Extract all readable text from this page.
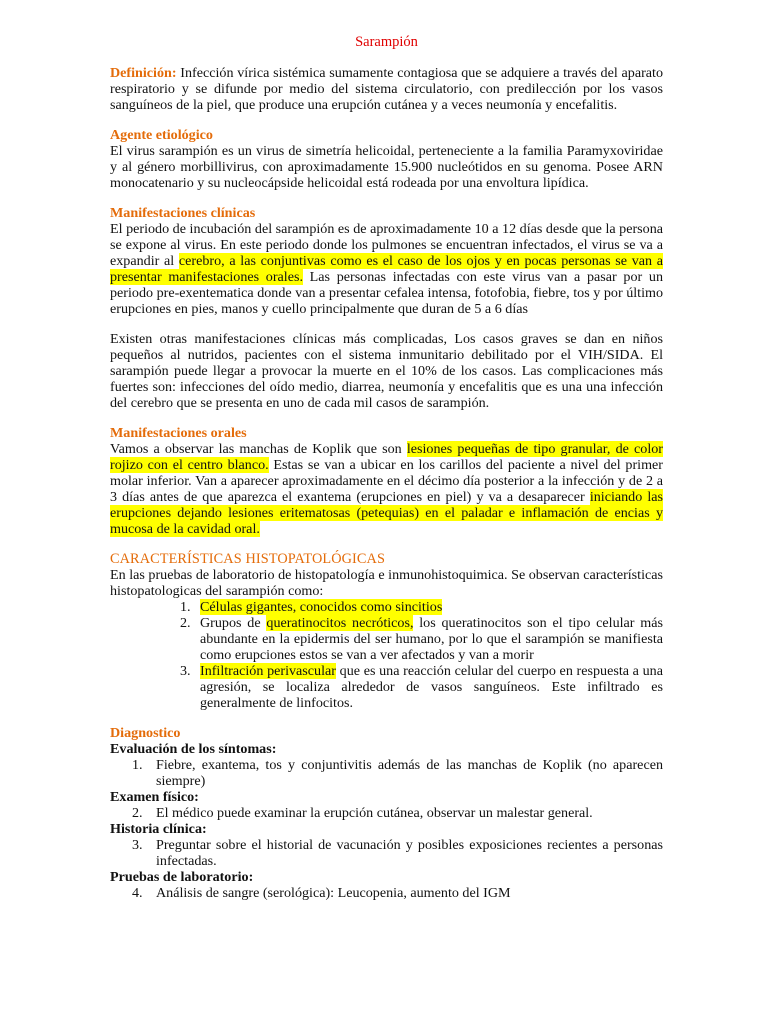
Sarampión

Definición: Infección vírica sistémica sumamente contagiosa que se adquiere a través del aparato respiratorio y se difunde por medio del sistema circulatorio, con predilección por los vasos sanguíneos de la piel, que produce una erupción cutánea y a veces neumonía y encefalitis.

Agente etiológico

El virus sarampión es un virus de simetría helicoidal, perteneciente a la familia Paramyxoviridae y al género morbillivirus, con aproximadamente 15.900 nucleótidos en su genoma. Posee ARN monocatenario y su nucleocápside helicoidal está rodeada por una envoltura lipídica.

Manifestaciones clínicas

El periodo de incubación del sarampión es de aproximadamente 10 a 12 días desde que la persona se expone al virus. En este periodo donde los pulmones se encuentran infectados, el virus se va a expandir al cerebro, a las conjuntivas como es el caso de los ojos y en pocas personas se van a presentar manifestaciones orales. Las personas infectadas con este virus van a pasar por un periodo pre-exentematica donde van a presentar cefalea intensa, fotofobia, fiebre, tos y por último erupciones en pies, manos y cuello principalmente que duran de 5 a 6 días

Existen otras manifestaciones clínicas más complicadas, Los casos graves se dan en niños pequeños al nutridos, pacientes con el sistema inmunitario debilitado por el VIH/SIDA. El sarampión puede llegar a provocar la muerte en el 10% de los casos. Las complicaciones más fuertes son: infecciones del oído medio, diarrea, neumonía y encefalitis que es una una infección del cerebro que se presenta en uno de cada mil casos de sarampión.

Manifestaciones orales

Vamos a observar las manchas de Koplik que son lesiones pequeñas de tipo granular, de color rojizo con el centro blanco. Estas se van a ubicar en los carillos del paciente a nivel del primer molar inferior. Van a aparecer aproximadamente en el décimo día posterior a la infección y de 2 a 3 días antes de que aparezca el exantema (erupciones en piel) y va a desaparecer iniciando las erupciones dejando lesiones eritematosas (petequias) en el paladar e inflamación de encias y mucosa de la cavidad oral.

CARACTERÍSTICAS HISTOPATOLÓGICAS

En las pruebas de laboratorio de histopatología e inmunohistoquimica. Se observan características histopatologicas del sarampión como:

1. Células gigantes, conocidos como sincitios
2. Grupos de queratinocitos necróticos, los queratinocitos son el tipo celular más abundante en la epidermis del ser humano, por lo que el sarampión se manifiesta como erupciones estos se van a ver afectados y van a morir
3. Infiltración perivascular que es una reacción celular del cuerpo en respuesta a una agresión, se localiza alrededor de vasos sanguíneos. Este infiltrado es generalmente de linfocitos.
Diagnostico

Evaluación de los síntomas:

1. Fiebre, exantema, tos y conjuntivitis además de las manchas de Koplik (no aparecen siempre)

Examen físico:

2. El médico puede examinar la erupción cutánea, observar un malestar general.

Historia clínica:

3. Preguntar sobre el historial de vacunación y posibles exposiciones recientes a personas infectadas.

Pruebas de laboratorio:

4. Análisis de sangre (serológica): Leucopenia, aumento del IGM
